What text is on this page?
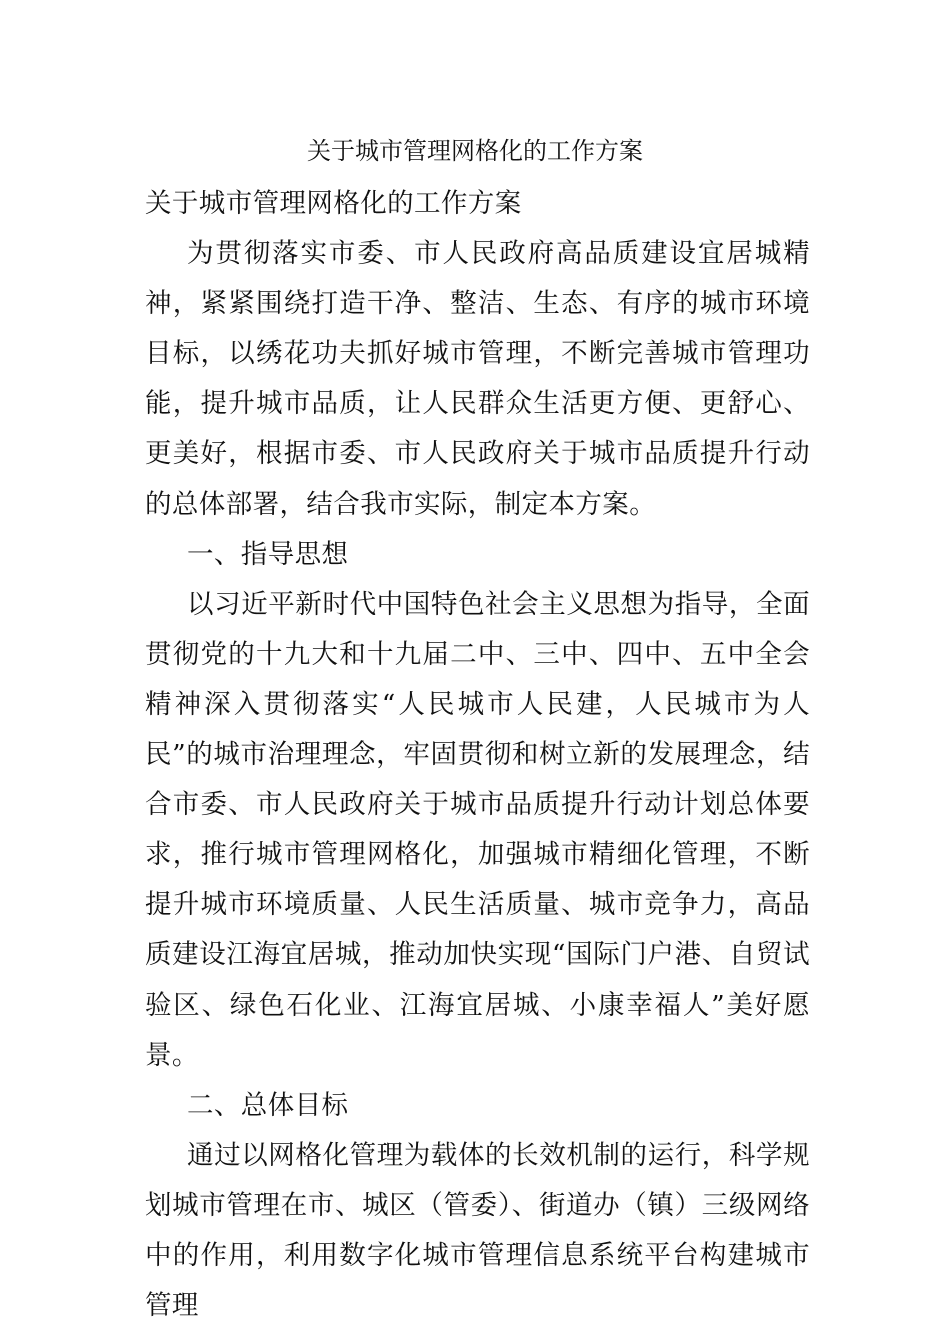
关于城市管理网格化的工作方案

关于城市管理网格化的工作方案

为贯彻落实市委、市人民政府高品质建设宜居城精神，紧紧围绕打造干净、整洁、生态、有序的城市环境目标，以绣花功夫抓好城市管理，不断完善城市管理功能，提升城市品质，让人民群众生活更方便、更舒心、更美好，根据市委、市人民政府关于城市品质提升行动的总体部署，结合我市实际，制定本方案。

一、指导思想

以习近平新时代中国特色社会主义思想为指导，全面贯彻党的十九大和十九届二中、三中、四中、五中全会精神深入贯彻落实“人民城市人民建，人民城市为人民”的城市治理理念，牢固贯彻和树立新的发展理念，结合市委、市人民政府关于城市品质提升行动计划总体要求，推行城市管理网格化，加强城市精细化管理，不断提升城市环境质量、人民生活质量、城市竞争力，高品质建设江海宜居城，推动加快实现“国际门户港、自贸试验区、绿色石化业、江海宜居城、小康幸福人”美好愿景。

二、总体目标

通过以网格化管理为载体的长效机制的运行，科学规划城市管理在市、城区（管委）、街道办（镇）三级网络中的作用，利用数字化城市管理信息系统平台构建城市管理
